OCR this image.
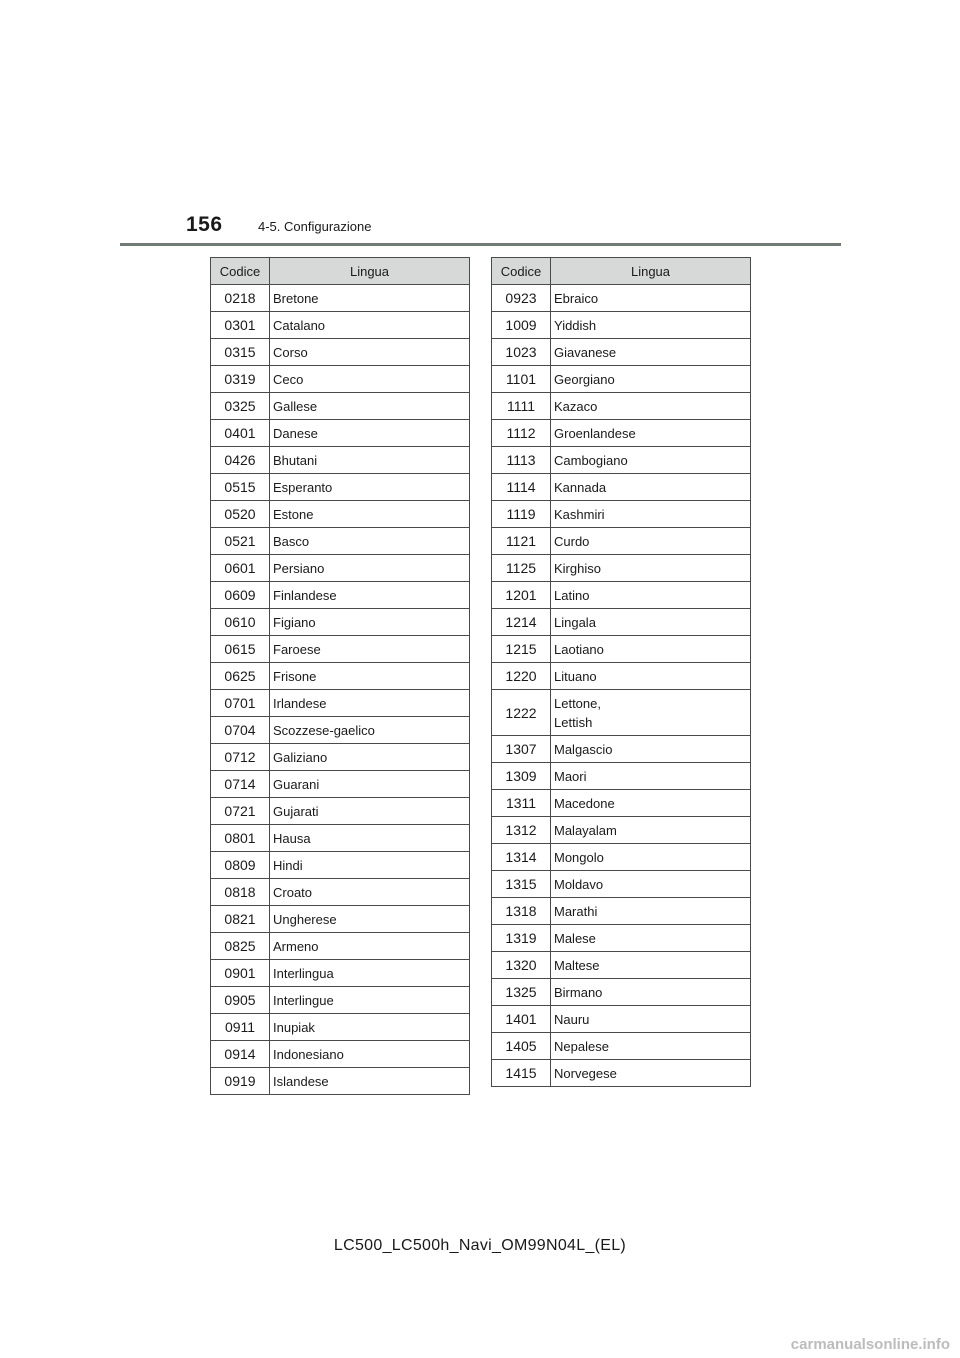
156	4-5. Configurazione
Codice	Lingua
0218	Bretone

0301	Catalano

0315	Corso

0319	Ceco

0325	Gallese

0401	Danese

0426	Bhutani

0515	Esperanto

0520	Estone

0521	Basco

0601	Persiano

0609	Finlandese

0610	Figiano

0615	Faroese

0625	Frisone

0701	Irlandese

0704	Scozzese-gaelico

0712	Galiziano

0714	Guarani

0721	Gujarati

0801	Hausa

0809	Hindi

0818	Croato

0821	Ungherese

0825	Armeno

0901	Interlingua

0905	Interlingue

0911	Inupiak

0914	Indonesiano

0919	Islandese
Codice	Lingua
0923	Ebraico

1009	Yiddish

1023	Giavanese

1101	Georgiano

1111	Kazaco

1112	Groenlandese

1113	Cambogiano

1114	Kannada

1119	Kashmiri

1121	Curdo

1125	Kirghiso

1201	Latino

1214	Lingala

1215	Laotiano

1220	Lituano

1222	Lettone,
Lettish

1307	Malgascio

1309	Maori

1311	Macedone

1312	Malayalam

1314	Mongolo

1315	Moldavo

1318	Marathi

1319	Malese

1320	Maltese

1325	Birmano

1401	Nauru

1405	Nepalese

1415	Norvegese
LC500_LC500h_Navi_OM99N04L_(EL)
carmanualsonline.info
